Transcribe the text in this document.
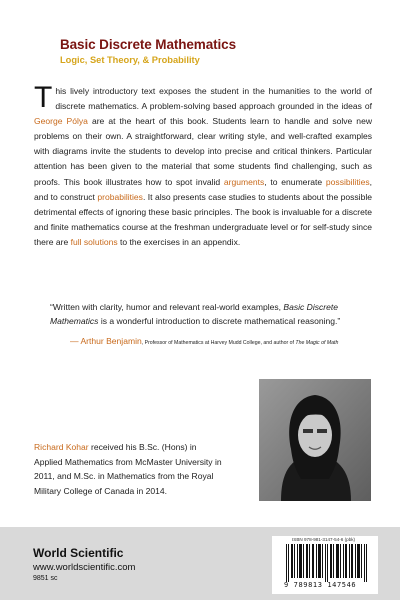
Basic Discrete Mathematics
Logic, Set Theory, & Probability
This lively introductory text exposes the student in the humanities to the world of discrete mathematics. A problem-solving based approach grounded in the ideas of George Pólya are at the heart of this book. Students learn to handle and solve new problems on their own. A straightforward, clear writing style, and well-crafted examples with diagrams invite the students to develop into precise and critical thinkers. Particular attention has been given to the material that some students find challenging, such as proofs. This book illustrates how to spot invalid arguments, to enumerate possibilities, and to construct probabilities. It also presents case studies to students about the possible detrimental effects of ignoring these basic principles. The book is invaluable for a discrete and finite mathematics course at the freshman undergraduate level or for self-study since there are full solutions to the exercises in an appendix.
“Written with clarity, humor and relevant real-world examples, Basic Discrete Mathematics is a wonderful introduction to discrete mathematical reasoning.”
— Arthur Benjamin, Professor of Mathematics at Harvey Mudd College, and author of The Magic of Math
Richard Kohar received his B.Sc. (Hons) in Applied Mathematics from McMaster University in 2011, and M.Sc. in Mathematics from the Royal Military College of Canada in 2014.
World Scientific
www.worldscientific.com
9851 sc
ISBN 978-981-3147-54-6 (pbk)
9 789813 147546
